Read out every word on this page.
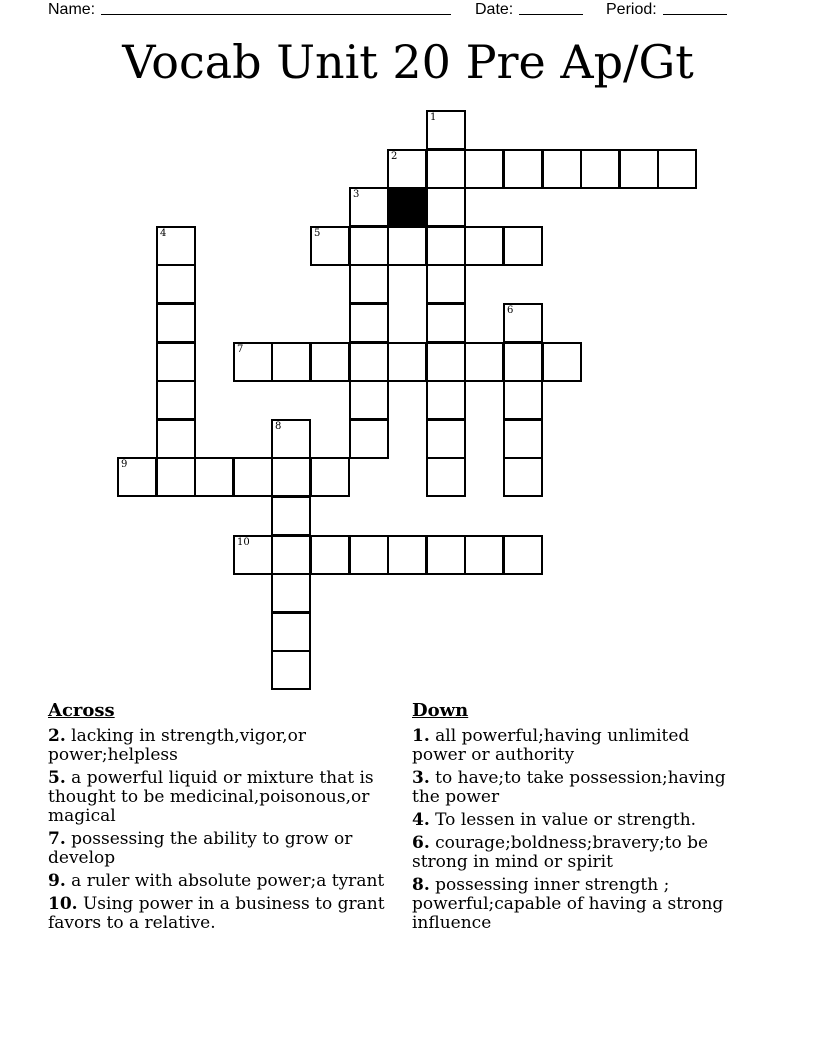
Name:	Date:	Period:
Vocab Unit 20 Pre Ap/Gt
2
5
7
9
10
1
3
4
6
8
Across
2. lacking in strength,vigor,or power;helpless
5. a powerful liquid or mixture that is thought to be medicinal,poisonous,or magical
7. possessing the ability to grow or develop
9. a ruler with absolute power;a tyrant
10. Using power in a business to grant favors to a relative.
Down
1. all powerful;having unlimited power or authority
3. to have;to take possession;having the power
4. To lessen in value or strength.
6. courage;boldness;bravery;to be strong in mind or spirit
8. possessing inner strength ; powerful;capable of having a strong influence
